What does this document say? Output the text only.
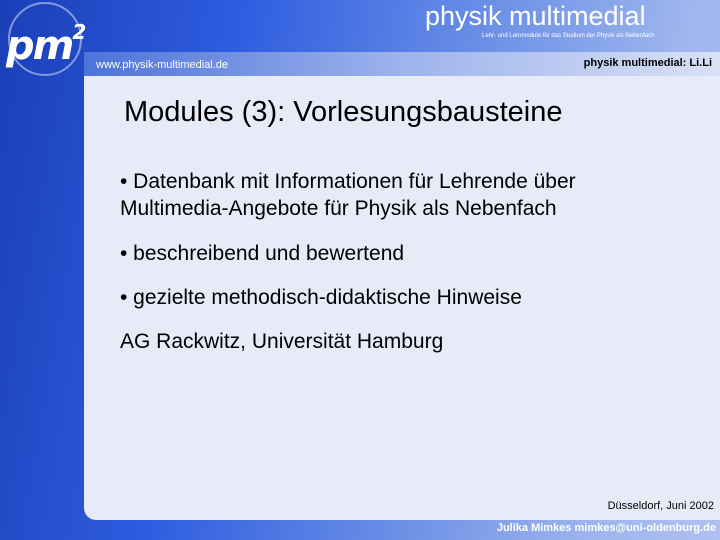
$pm^2$
physik multimedial
Lehr- und Lernmodule für das Studium der Physik als Nebenfach
www.physik-multimedial.de	physik multimedial: Li.Li
Modules (3): Vorlesungsbausteine
• Datenbank mit Informationen für Lehrende über
Multimedia-Angebote für Physik als Nebenfach
• beschreibend und bewertend
• gezielte methodisch-didaktische Hinweise
AG Rackwitz, Universität Hamburg
Düsseldorf, Juni 2002
Julika Mimkes mimkes@uni-oldenburg.de
